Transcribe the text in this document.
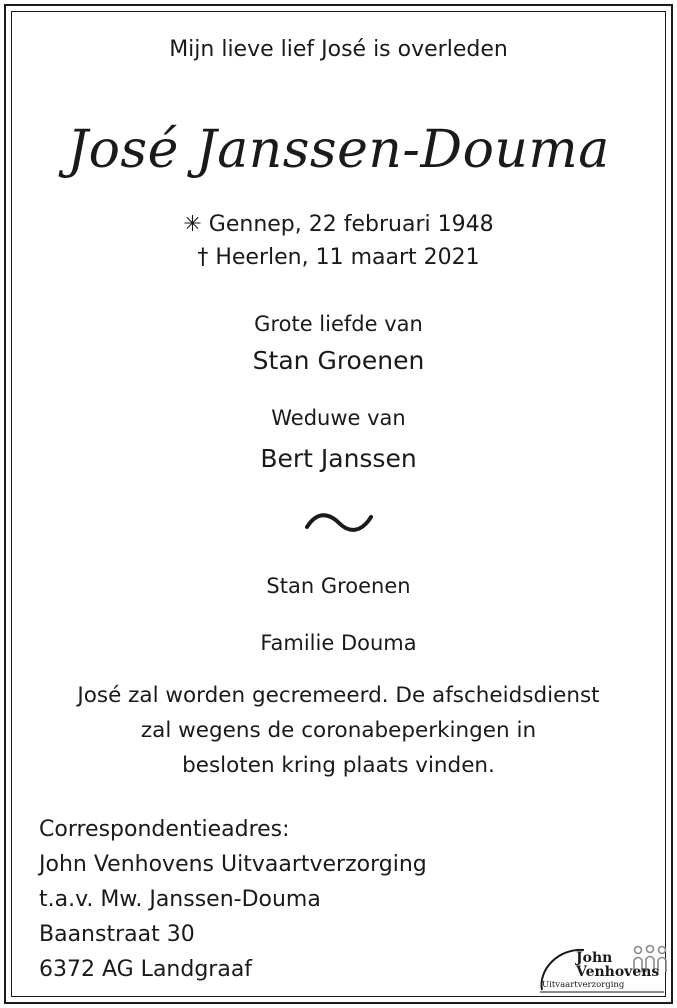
Mijn lieve lief José is overleden
José Janssen-Douma
✳ Gennep, 22 februari 1948
† Heerlen, 11 maart 2021
Grote liefde van
Stan Groenen
Weduwe van
Bert Janssen
Stan Groenen
Familie Douma
José zal worden gecremeerd. De afscheidsdienst
zal wegens de coronabeperkingen in
besloten kring plaats vinden.
Correspondentieadres:
John Venhovens Uitvaartverzorging
t.a.v. Mw. Janssen-Douma
Baanstraat 30
6372 AG Landgraaf	John
Venhovens
Uitvaartverzorging
